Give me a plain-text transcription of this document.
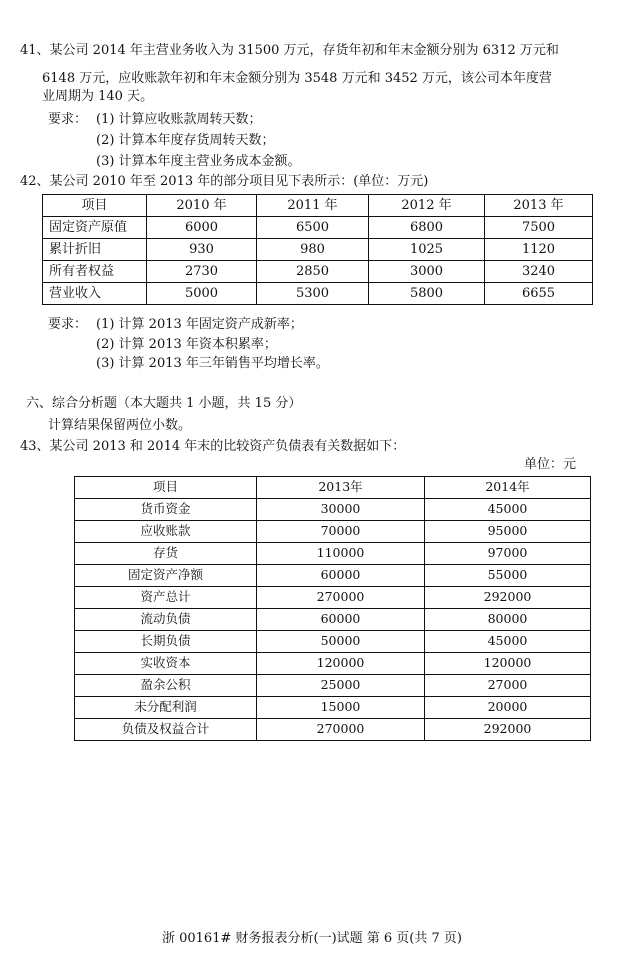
41、某公司 2014 年主营业务收入为 31500 万元，存货年初和年末金额分别为 6312 万元和
6148 万元，应收账款年初和年末金额分别为 3548 万元和 3452 万元，该公司本年度营
业周期为 140 天。
要求： (1) 计算应收账款周转天数；
(2) 计算本年度存货周转天数；
(3) 计算本年度主营业务成本金额。
42、某公司 2010 年至 2013 年的部分项目见下表所示：(单位：万元)
项目	2010 年	2011 年	2012 年	2013 年
固定资产原值	6000	6500	6800	7500
累计折旧	930	980	1025	1120
所有者权益	2730	2850	3000	3240
营业收入	5000	5300	5800	6655
要求： (1) 计算 2013 年固定资产成新率；
(2) 计算 2013 年资本积累率；
(3) 计算 2013 年三年销售平均增长率。
六、综合分析题（本大题共 1 小题，共 15 分）
计算结果保留两位小数。
43、某公司 2013 和 2014 年末的比较资产负债表有关数据如下：
单位：元
项目	2013年	2014年
货币资金	30000	45000
应收账款	70000	95000
存货	110000	97000
固定资产净额	60000	55000
资产总计	270000	292000
流动负债	60000	80000
长期负债	50000	45000
实收资本	120000	120000
盈余公积	25000	27000
未分配利润	15000	20000
负债及权益合计	270000	292000
浙 00161# 财务报表分析(一)试题 第 6 页(共 7 页)
